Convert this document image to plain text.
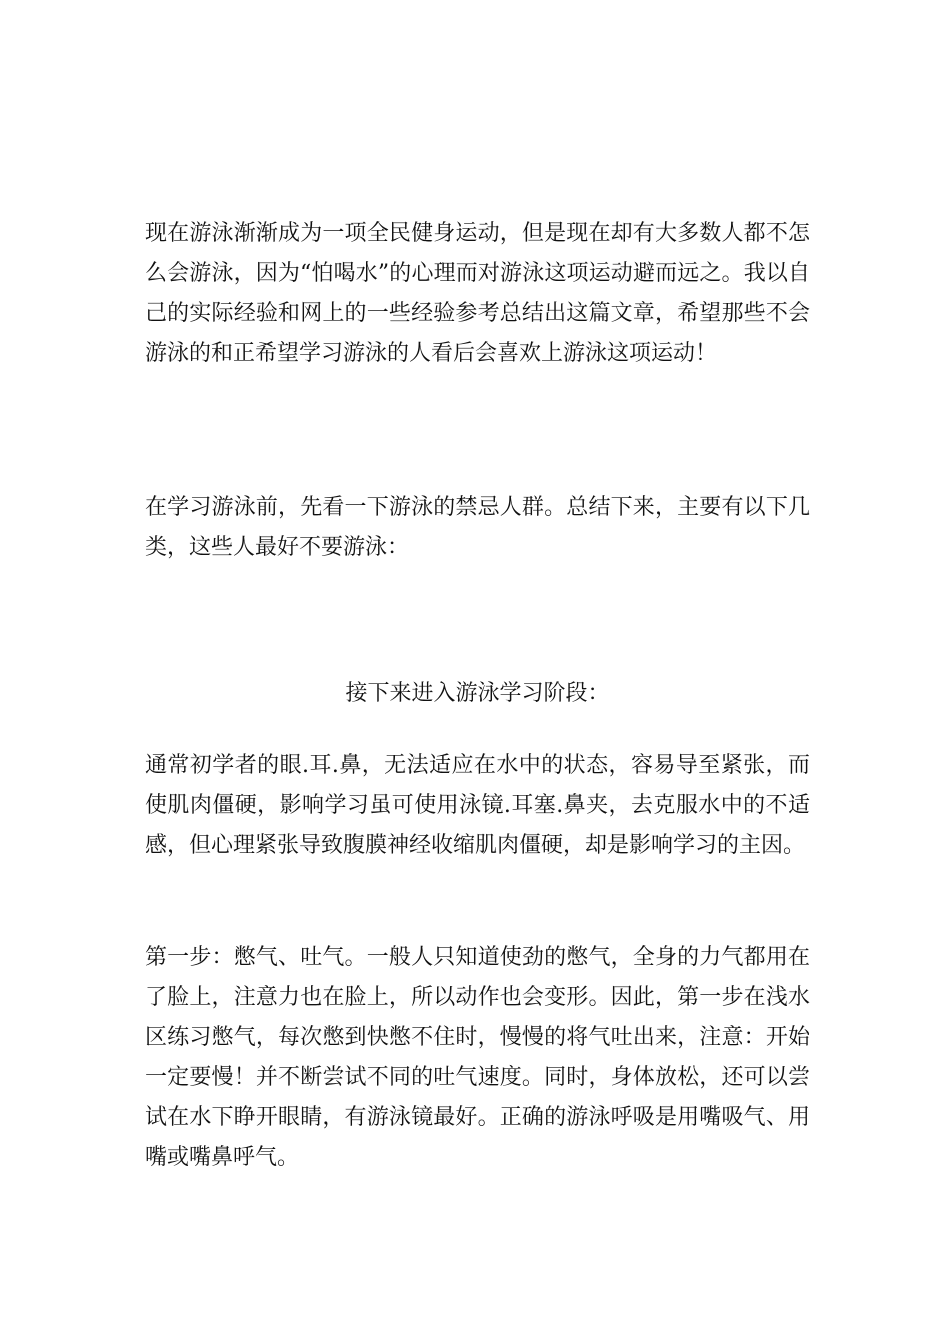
现在游泳渐渐成为一项全民健身运动，但是现在却有大多数人都不怎么会游泳，因为“怕喝水”的心理而对游泳这项运动避而远之。我以自己的实际经验和网上的一些经验参考总结出这篇文章，希望那些不会游泳的和正希望学习游泳的人看后会喜欢上游泳这项运动！

在学习游泳前，先看一下游泳的禁忌人群。总结下来，主要有以下几类，这些人最好不要游泳：

接下来进入游泳学习阶段：

通常初学者的眼.耳.鼻，无法适应在水中的状态，容易导至紧张，而使肌肉僵硬，影响学习虽可使用泳镜.耳塞.鼻夹，去克服水中的不适感，但心理紧张导致腹膜神经收缩肌肉僵硬，却是影响学习的主因。

第一步：憋气、吐气。一般人只知道使劲的憋气，全身的力气都用在了脸上，注意力也在脸上，所以动作也会变形。因此，第一步在浅水区练习憋气，每次憋到快憋不住时，慢慢的将气吐出来，注意：开始一定要慢！并不断尝试不同的吐气速度。同时，身体放松，还可以尝试在水下睁开眼睛，有游泳镜最好。正确的游泳呼吸是用嘴吸气、用嘴或嘴鼻呼气。
